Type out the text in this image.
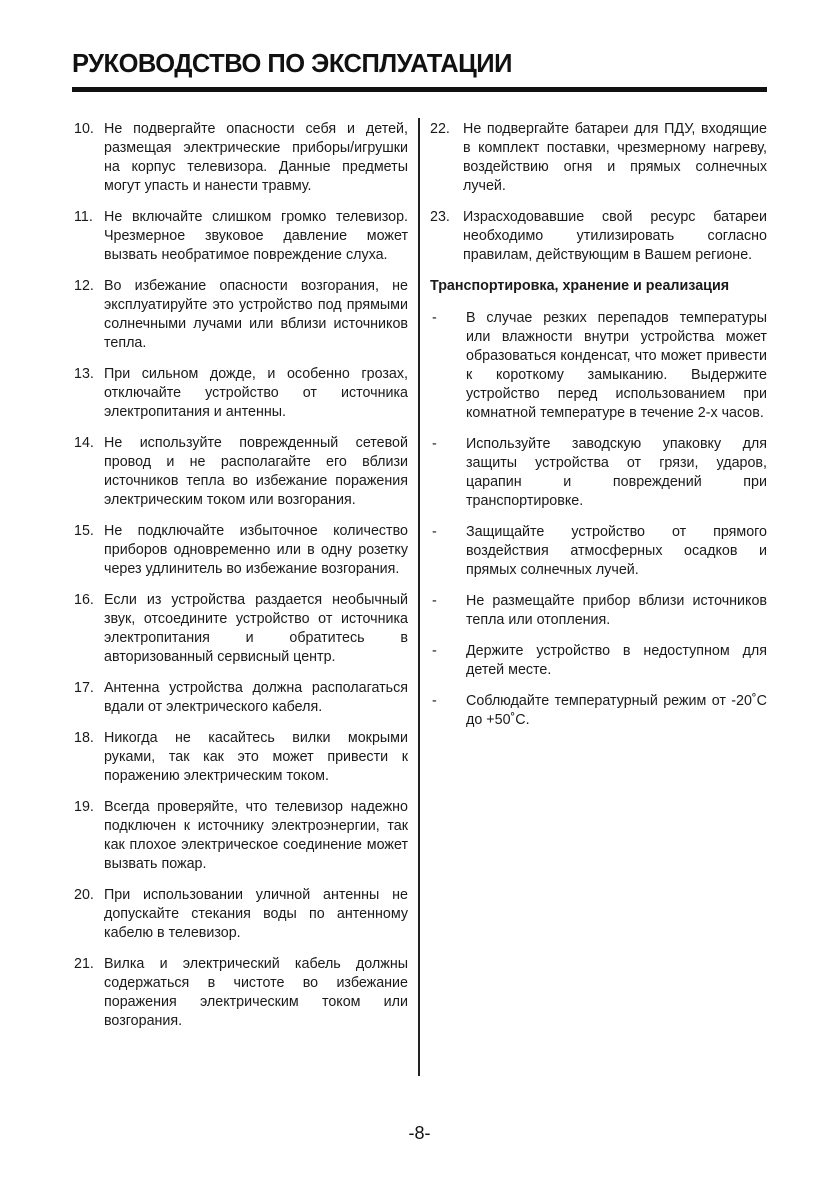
РУКОВОДСТВО ПО ЭКСПЛУАТАЦИИ
10. Не подвергайте опасности себя и детей, размещая электрические приборы/игрушки на корпус телевизора. Данные предметы могут упасть и нанести травму.
11. Не включайте слишком громко телевизор. Чрезмерное звуковое давление может вызвать необратимое повреждение слуха.
12. Во избежание опасности возгорания, не эксплуатируйте это устройство под прямыми солнечными лучами или вблизи источников тепла.
13. При сильном дожде, и особенно грозах, отключайте устройство от источника электропитания и антенны.
14. Не используйте поврежденный сетевой провод и не располагайте его вблизи источников тепла во избежание поражения электрическим током или возгорания.
15. Не подключайте избыточное количество приборов одновременно или в одну розетку через удлинитель во избежание возгорания.
16. Если из устройства раздается необычный звук, отсоедините устройство от источника электропитания и обратитесь в авторизованный сервисный центр.
17. Антенна устройства должна располагаться вдали от электрического кабеля.
18. Никогда не касайтесь вилки мокрыми руками, так как это может привести к поражению электрическим током.
19. Всегда проверяйте, что телевизор надежно подключен к источнику электроэнергии, так как плохое электрическое соединение может вызвать пожар.
20. При использовании уличной антенны не допускайте стекания воды по антенному кабелю в телевизор.
21. Вилка и электрический кабель должны содержаться в чистоте во избежание поражения электрическим током или возгорания.
22. Не подвергайте батареи для ПДУ, входящие в комплект поставки, чрезмерному нагреву, воздействию огня и прямых солнечных лучей.
23. Израсходовавшие свой ресурс батареи необходимо утилизировать согласно правилам, действующим в Вашем регионе.
Транспортировка, хранение и реализация
-	В случае резких перепадов температуры или влажности внутри устройства может образоваться конденсат, что может привести к короткому замыканию. Выдержите устройство перед использованием при комнатной температуре в течение 2-х часов.
-	Используйте заводскую упаковку для защиты устройства от грязи, ударов, царапин и повреждений при транспортировке.
-	Защищайте устройство от прямого воздействия атмосферных осадков и прямых солнечных лучей.
-	Не размещайте прибор вблизи источников тепла или отопления.
-	Держите устройство в недоступном для детей месте.
-	Соблюдайте температурный режим от -20˚С до +50˚С.
-8-
